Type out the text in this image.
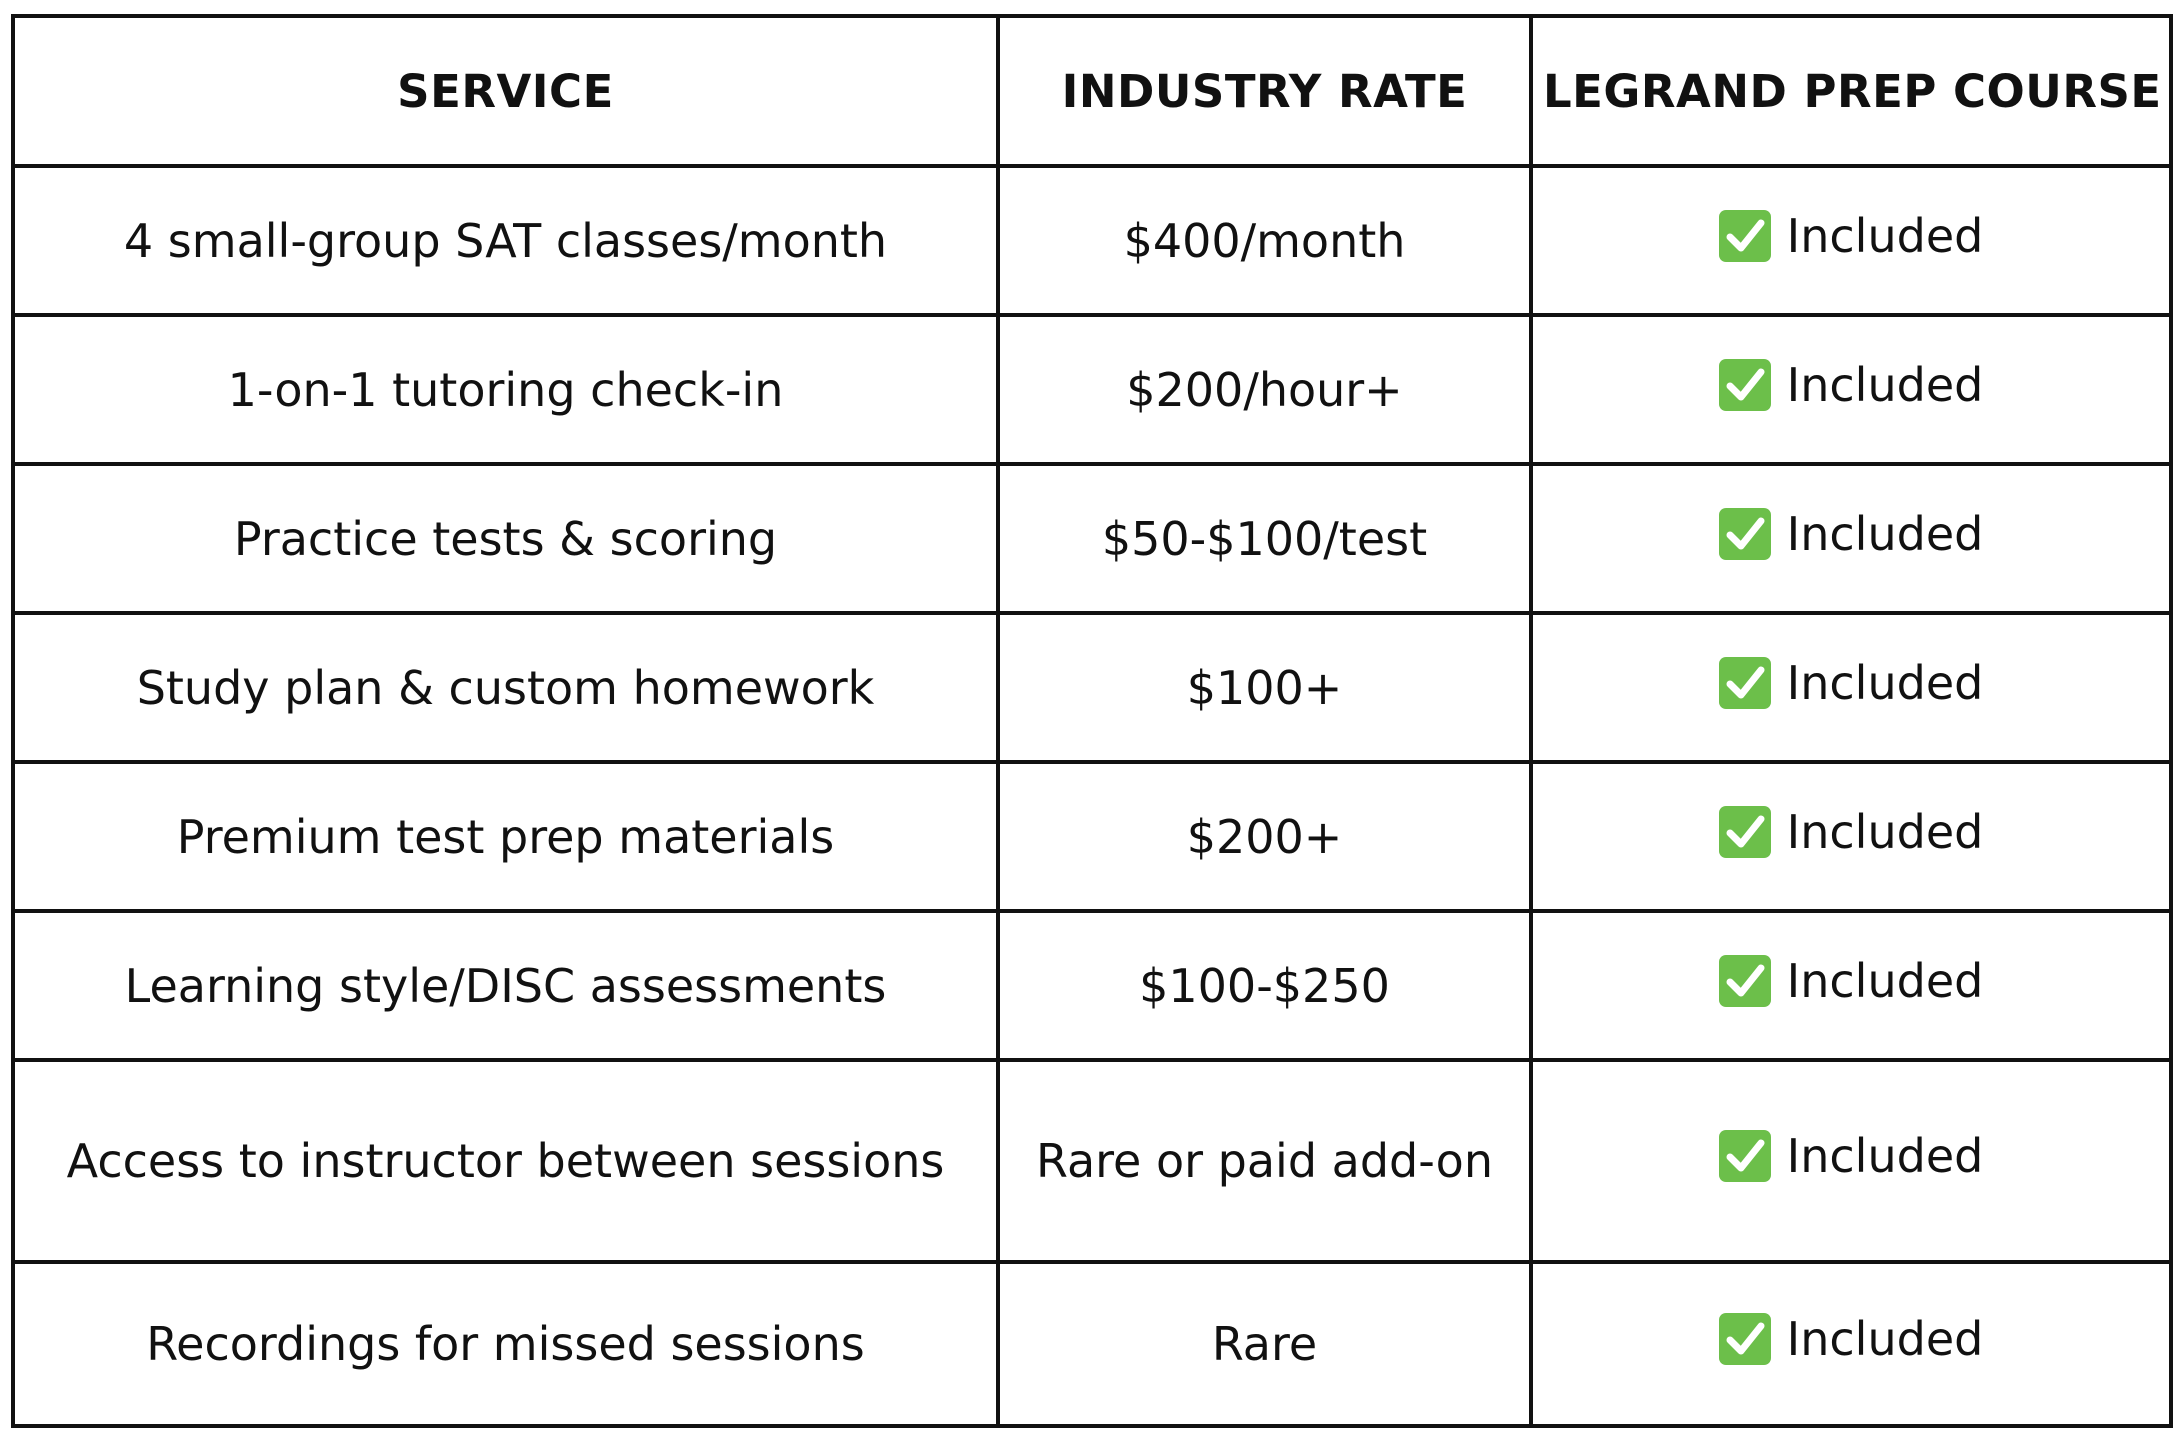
SERVICE	INDUSTRY RATE	LEGRAND PREP COURSE
4 small-group SAT classes/month	$400/month	Included

1-on-1 tutoring check-in	$200/hour+	Included

Practice tests & scoring	$50-$100/test	Included

Study plan & custom homework	$100+	Included

Premium test prep materials	$200+	Included

Learning style/DISC assessments	$100-$250	Included

Access to instructor between sessions	Rare or paid add-on	Included

Recordings for missed sessions	Rare	Included
